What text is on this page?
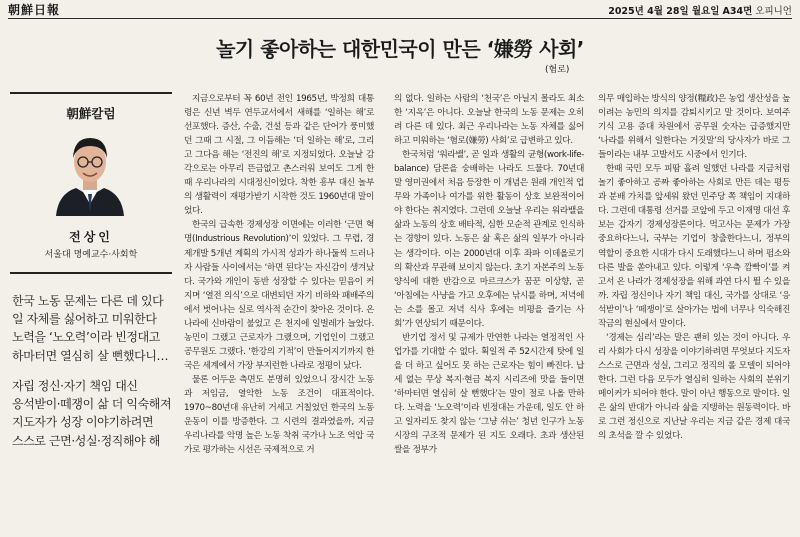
朝鮮日報	2025년 4월 28일 월요일 A34면 오피니언
놀기 좋아하는 대한민국이 만든 ‘嫌勞 사회’
(혐로)
朝鮮칼럼
전상인
서울대 명예교수·사회학

한국 노동 문제는 다른 데 있다

일 자체를 싫어하고 미워한다

노력을 ‘노오력’이라 빈정대고

하마터면 열심히 살 뻔했다니…

자립 정신·자기 책임 대신

응석받이·떼쟁이 삶 더 익숙해져

지도자가 성장 이야기하려면

스스로 근면·성실·정직해야 해

지금으로부터 꼭 60년 전인 1965년, 박정희 대통령은 신년 벽두 연두교서에서 새해를 ‘일하는 해’로 선포했다. 증산, 수출, 건설 등과 같은 단어가 풍미했던 그때 그 시절, 그 이듬해는 ‘더 일하는 해’로, 그리고 그다음 해는 ‘전진의 해’로 지정되었다. 오늘날 감각으로는 아무리 뜬금없고 촌스러워 보여도 그게 한때 우리나라의 시대정신이었다. 착한 흥부 대신 놀부의 생활력이 재평가받기 시작한 것도 1960년대 말이었다.

한국의 급속한 경제성장 이면에는 이러한 ‘근면 혁명(Industrious Revolution)’이 있었다. 그 무렵, 경제개발 5개년 계획의 가시적 성과가 하나둘씩 드러나자 사람들 사이에서는 ‘하면 된다’는 자신감이 생겨났다. 국가와 개인이 동반 성장할 수 있다는 믿음이 커지며 ‘열전 의식’으로 대변되던 자기 비하와 패배주의에서 벗어나는 실로 역사적 순간이 찾아온 것이다. 온 나라에 신바람이 불었고 은 천지에 일벌레가 늘었다. 농민이 그랬고 근로자가 그랬으며, 기업인이 그랬고 공무원도 그랬다. ‘한강의 기적’이 만들어지기까지 한국은 세계에서 가장 부지런한 나라로 정평이 났다.

물론 어두운 측면도 분명히 있었으니 장시간 노동과 저임금, 열악한 노동 조건이 대표적이다. 1970~80년대 유난히 거세고 거칠었던 한국의 노동운동이 이를 방증한다. 그 시련의 결과였을까, 지금 우리나라를 악명 높은 노동 착취 국가나 노조 억압 국가로 평가하는 시선은 국제적으로 거

의 없다. 일하는 사람의 ‘천국’은 아닐지 몰라도 최소한 ‘지옥’은 아니다. 오늘날 한국의 노동 문제는 오히려 다른 데 있다. 최근 우리나라는 노동 자체를 싫어하고 미워하는 ‘혐로(嫌勞) 사회’로 급변하고 있다.

한국처럼 ‘워라밸’, 곧 일과 생활의 균형(work-life-balance) 담론을 숭배하는 나라도 드물다. 70년대 말 영미권에서 처음 등장한 이 개념은 원래 개인적 업무와 가족이나 여가를 위한 활동이 상호 보완적이어야 한다는 취지였다. 그런데 오늘날 우리는 워라밸을 삶과 노동의 상호 배타적, 심한 모순적 관계로 인식하는 경향이 있다. 노동은 삶 혹은 삶의 일부가 아니라는 생각이다. 이는 2000년대 이후 좌파 이데올로기의 확산과 무관해 보이지 않는다. 초기 자본주의 노동 양식에 대한 반감으로 마르크스가 꿈꾼 이상향, 곧 ‘아침에는 사냥을 가고 오후에는 낚시를 하며, 저녁에는 소를 몰고 저녁 식사 후에는 비평을 즐기는 사회’가 연상되기 때문이다.

반기업 정서 및 규제가 만연한 나라는 열정적인 사업가를 기대할 수 없다. 획일적 주 52시간제 탓에 일을 더 하고 싶어도 못 하는 근로자는 힘이 빠진다. 납세 없는 무상 복지·현금 복지 시리즈에 맛을 들이면 ‘하마터면 열심히 살 뻔했다’는 말이 절로 나올 만하다. 노력을 ‘노오력’이라 빈정대는 가운데, 일도 안 하고 일자리도 찾지 않는 ‘그냥 쉬는’ 청년 인구가 노동시장의 구조적 문제가 된 지도 오래다. 초과 생산된 쌀을 정부가

의무 매입하는 방식의 양정(糧政)은 농업 생산성을 높이려는 농민의 의지를 감퇴시키고 말 것이다. 보여주기식 고용 증대 차원에서 공무원 숫자는 급증했지만 ‘나라를 위해서 일한다는 거짓말’의 당사자가 바로 그들이라는 내부 고발서도 시중에서 인기다.

한때 국민 모두 피땀 흘려 일했던 나라를 지금처럼 놀기 좋아하고 공짜 좋아하는 사회로 만든 데는 평등과 분배 가치를 앞세워 왔던 민주당 쪽 책임이 지대하다. 그런데 대통령 선거를 코앞에 두고 이재명 대선 후보는 갑자기 경제성장론이다. 먹고사는 문제가 가장 중요하다느니, 국부는 기업이 창출한다느니, 정부의 역할이 중요한 시대가 다시 도래했다느니 하며 펌소와 다른 발을 쏟아내고 있다. 이렇게 ‘우측 깜빡이’를 켜고서 온 나라가 경제성장을 위해 과연 다시 뛸 수 있을까. 자립 정신이나 자기 책임 대신, 국가를 상대로 ‘응석받이’나 ‘떼쟁이’로 살아가는 법에 너무나 익숙해진 작금의 현실에서 말이다.

‘경제는 심리’라는 말은 괜히 있는 것이 아니다. 우리 사회가 다시 성장을 이야기하려면 무엇보다 지도자 스스로 근면과 성실, 그리고 정직의 롤 모델이 되어야 한다. 그런 다음 모두가 열심히 일하는 사회의 분위기 메이커가 되어야 한다. 말이 아닌 행동으로 말이다. 일은 삶의 반대가 아니라 삶을 지탱하는 원동력이다. 바로 그런 정신으로 지난날 우리는 지금 같은 경제 대국의 초석을 깔 수 있었다.
